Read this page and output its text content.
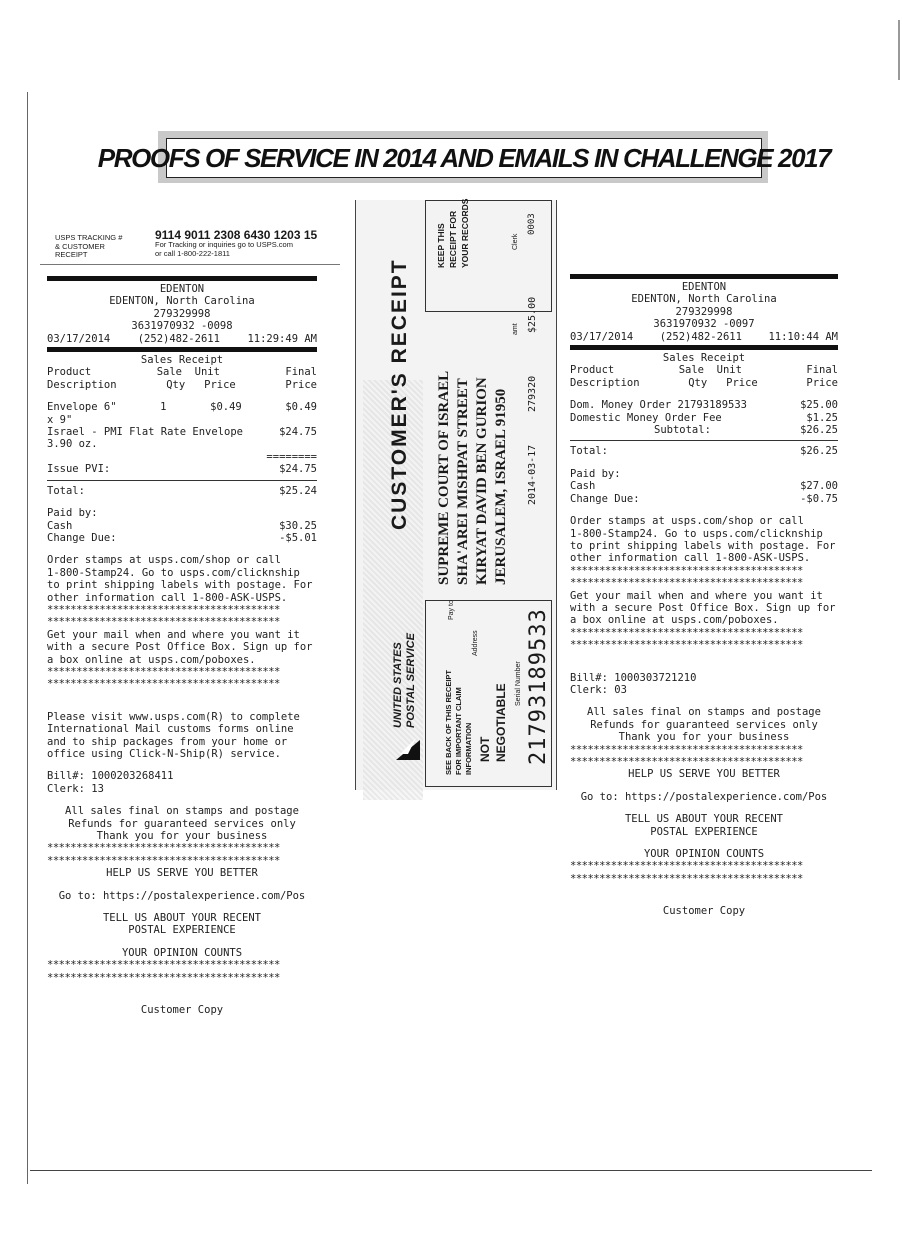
PROOFS OF SERVICE IN 2014 AND EMAILS IN CHALLENGE 2017
USPS TRACKING #
& CUSTOMER
RECEIPT
9114 9011 2308 6430 1203 15
For Tracking or inquiries go to USPS.com
or call 1-800-222-1811
EDENTON
EDENTON, North Carolina
279329998
3631970932 -0098
03/17/2014	(252)482-2611	11:29:49 AM
Sales Receipt
Product	Sale  Unit	Final
Description	Qty   Price	Price
Envelope 6"	1	$0.49	$0.49
x 9"
Israel - PMI Flat Rate Envelope	$24.75
3.90 oz.
========
Issue PVI:	$24.75
Total:	$25.24
Paid by:
Cash	$30.25
Change Due:	-$5.01
Order stamps at usps.com/shop or call
1-800-Stamp24. Go to usps.com/clicknship
to print shipping labels with postage. For
other information call 1-800-ASK-USPS.
****************************************
****************************************
Get your mail when and where you want it
with a secure Post Office Box. Sign up for
a box online at usps.com/poboxes.
****************************************
****************************************
Please visit www.usps.com(R) to complete
International Mail customs forms online
and to ship packages from your home or
office using Click-N-Ship(R) service.
Bill#: 1000203268411
Clerk: 13
All sales final on stamps and postage
Refunds for guaranteed services only
Thank you for your business
****************************************
****************************************
HELP US SERVE YOU BETTER
Go to: https://postalexperience.com/Pos
TELL US ABOUT YOUR RECENT
POSTAL EXPERIENCE
YOUR OPINION COUNTS
****************************************
****************************************
Customer Copy
CUSTOMER'S RECEIPT
KEEP THIS RECEIPT FOR YOUR RECORDS	Clerk
0003
amt $25.00
279320
2014-03-17
SUPREME COURT OF ISRAEL SHA'AREI MISHPAT STREET KIRYAT DAVID BEN GURION JERUSALEM, ISRAEL 91950
Pay to
Address
Serial Number 21793189533
NOT NEGOTIABLE
SEE BACK OF THIS RECEIPT FOR IMPORTANT CLAIM INFORMATION
UNITED STATES POSTAL SERVICE
EDENTON
EDENTON, North Carolina
279329998
3631970932 -0097
03/17/2014	(252)482-2611	11:10:44 AM
Sales Receipt
Product	Sale  Unit	Final
Description	Qty   Price	Price
Dom. Money Order 21793189533	$25.00
Domestic Money Order Fee	$1.25
Subtotal:	$26.25
Total:	$26.25
Paid by:
Cash	$27.00
Change Due:	-$0.75
Order stamps at usps.com/shop or call
1-800-Stamp24. Go to usps.com/clicknship
to print shipping labels with postage. For
other information call 1-800-ASK-USPS.
****************************************
****************************************
Get your mail when and where you want it
with a secure Post Office Box. Sign up for
a box online at usps.com/poboxes.
****************************************
****************************************
Bill#: 1000303721210
Clerk: 03
All sales final on stamps and postage
Refunds for guaranteed services only
Thank you for your business
****************************************
****************************************
HELP US SERVE YOU BETTER
Go to: https://postalexperience.com/Pos
TELL US ABOUT YOUR RECENT
POSTAL EXPERIENCE
YOUR OPINION COUNTS
****************************************
****************************************
Customer Copy
